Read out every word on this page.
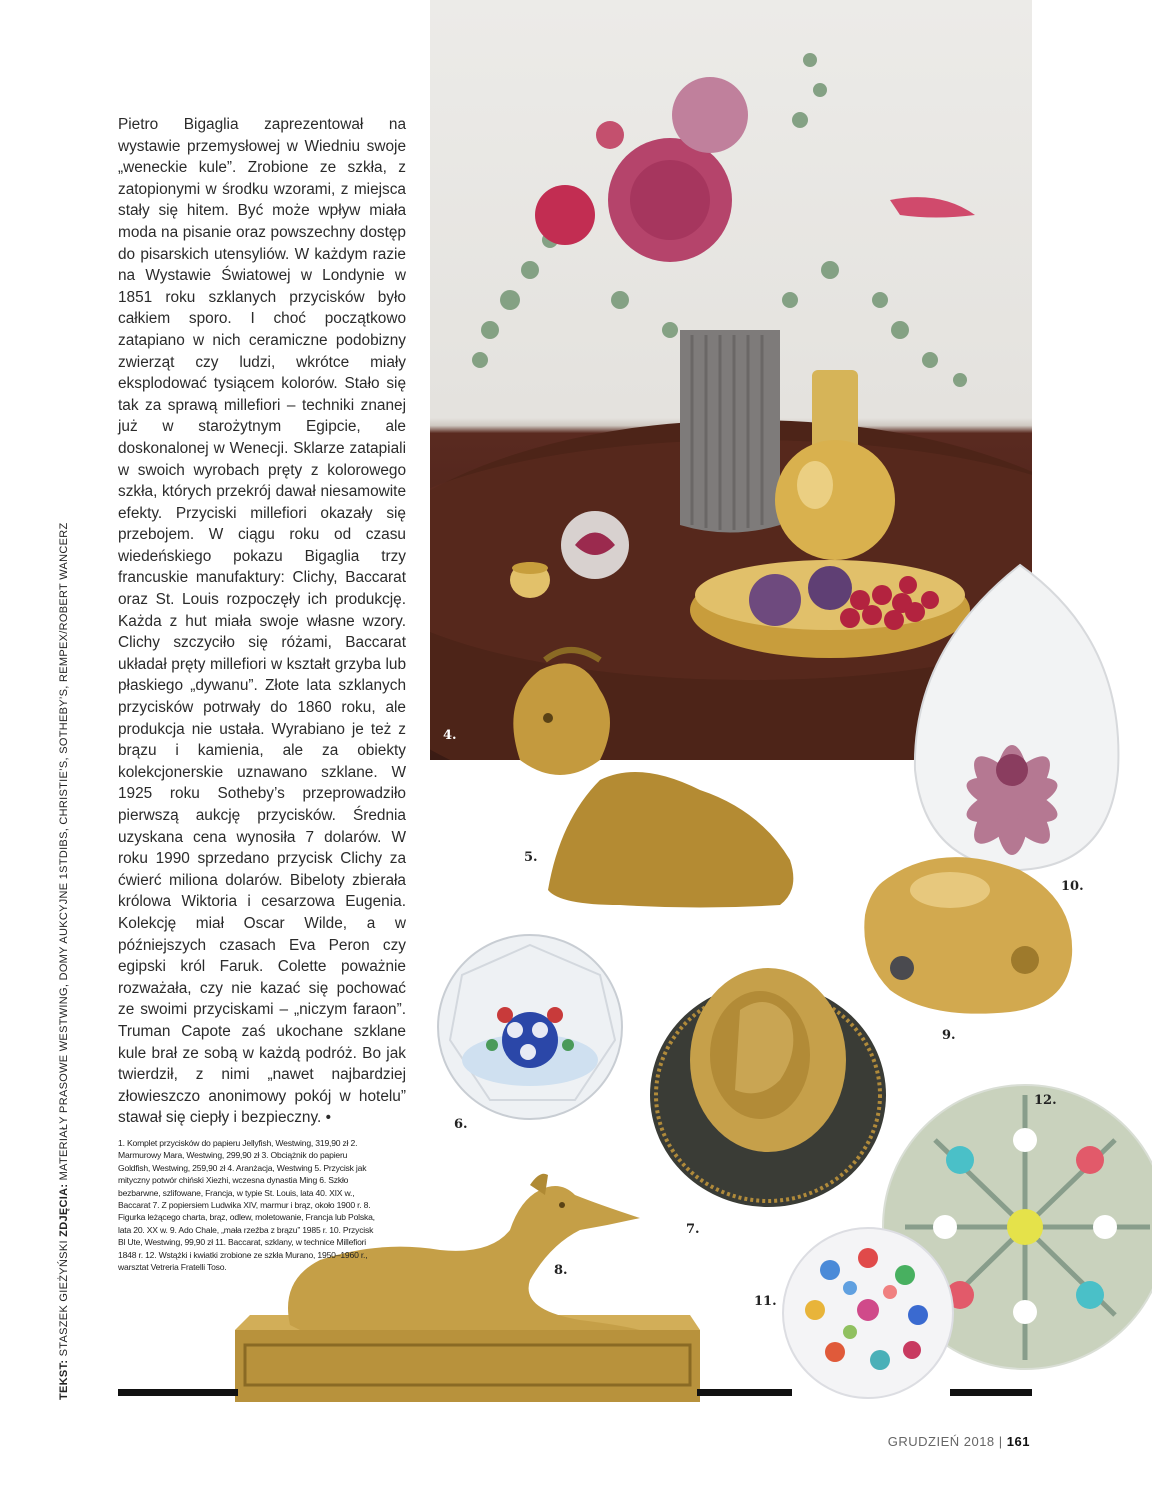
TEKST: STASZEK GIEŻYŃSKI ZDJĘCIA: MATERIAŁY PRASOWE WESTWING, DOMY AUKCYJNE 1STDIBS, CHRISTIE’S, SOTHEBY’S, REMPEX/ROBERT WANCERZ

Pietro Bigaglia zaprezentował na wystawie przemysłowej w Wiedniu swoje „weneckie kule”. Zrobione ze szkła, z zatopionymi w środku wzorami, z miejsca stały się hitem. Być może wpływ miała moda na pisanie oraz powszechny dostęp do pisarskich utensyliów. W każdym razie na Wystawie Światowej w Londynie w 1851 roku szklanych przycisków było całkiem sporo. I choć początkowo zatapiano w nich ceramiczne podobizny zwierząt czy ludzi, wkrótce miały eksplodować tysiącem kolorów. Stało się tak za sprawą millefiori – techniki znanej już w starożytnym Egipcie, ale doskonalonej w Wenecji. Sklarze zatapiali w swoich wyrobach pręty z kolorowego szkła, których przekrój dawał niesamowite efekty. Przyciski millefiori okazały się przebojem. W ciągu roku od czasu wiedeńskiego pokazu Bigaglia trzy francuskie manufaktury: Clichy, Baccarat oraz St. Louis rozpoczęły ich produkcję. Każda z hut miała swoje własne wzory. Clichy szczyciło się różami, Baccarat układał pręty millefiori w kształt grzyba lub płaskiego „dywanu”. Złote lata szklanych przycisków potrwały do 1860 roku, ale produkcja nie ustała. Wyrabiano je też z brązu i kamienia, ale za obiekty kolekcjonerskie uznawano szklane. W 1925 roku Sotheby’s przeprowadziło pierwszą aukcję przycisków. Średnia uzyskana cena wynosiła 7 dolarów. W roku 1990 sprzedano przycisk Clichy za ćwierć miliona dolarów. Bibeloty zbierała królowa Wiktoria i cesarzowa Eugenia. Kolekcję miał Oscar Wilde, a w późniejszych czasach Eva Peron czy egipski król Faruk. Colette poważnie rozważała, czy nie kazać się pochować ze swoimi przyciskami – „niczym faraon”. Truman Capote zaś ukochane szklane kule brał ze sobą w każdą podróż. Bo jak twierdził, z nimi „nawet najbardziej złowieszczo anonimowy pokój w hotelu” stawał się ciepły i bezpieczny. •

1. Komplet przycisków do papieru Jellyfish, Westwing, 319,90 zł 2. Marmurowy Mara, Westwing, 299,90 zł 3. Obciążnik do papieru Goldfish, Westwing, 259,90 zł 4. Aranżacja, Westwing 5. Przycisk jak mityczny potwór chiński Xiezhi, wczesna dynastia Ming 6. Szkło bezbarwne, szlifowane, Francja, w typie St. Louis, lata 40. XIX w., Baccarat 7. Z popiersiem Ludwika XIV, marmur i brąz, około 1900 r. 8. Figurka leżącego charta, brąz, odlew, moletowanie, Francja lub Polska, lata 20. XX w. 9. Ado Chale, „mała rzeźba z brązu” 1985 r. 10. Przycisk Bl Ute, Westwing, 99,90 zł 11. Baccarat, szklany, w technice Millefiori 1848 r. 12. Wstążki i kwiatki zrobione ze szkła Murano, 1950–1960 r., warsztat Vetreria Fratelli Toso.
4.
5.
6.
7.
8.
9.
10.
11.
12.
GRUDZIEŃ 2018 | 161
